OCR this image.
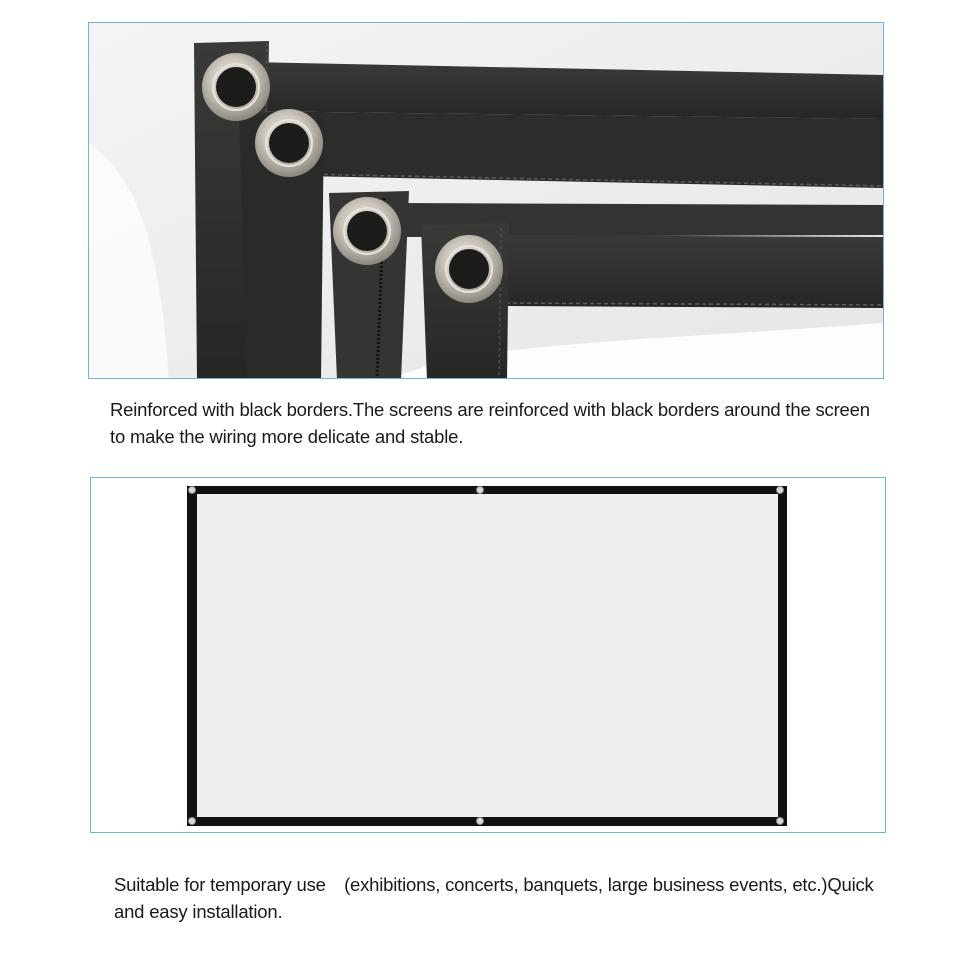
Reinforced with black borders.The screens are reinforced with black borders around the screen to make the wiring more delicate and stable.

Suitable for temporary use　(exhibitions, concerts, banquets, large business events, etc.)Quick and easy installation.
